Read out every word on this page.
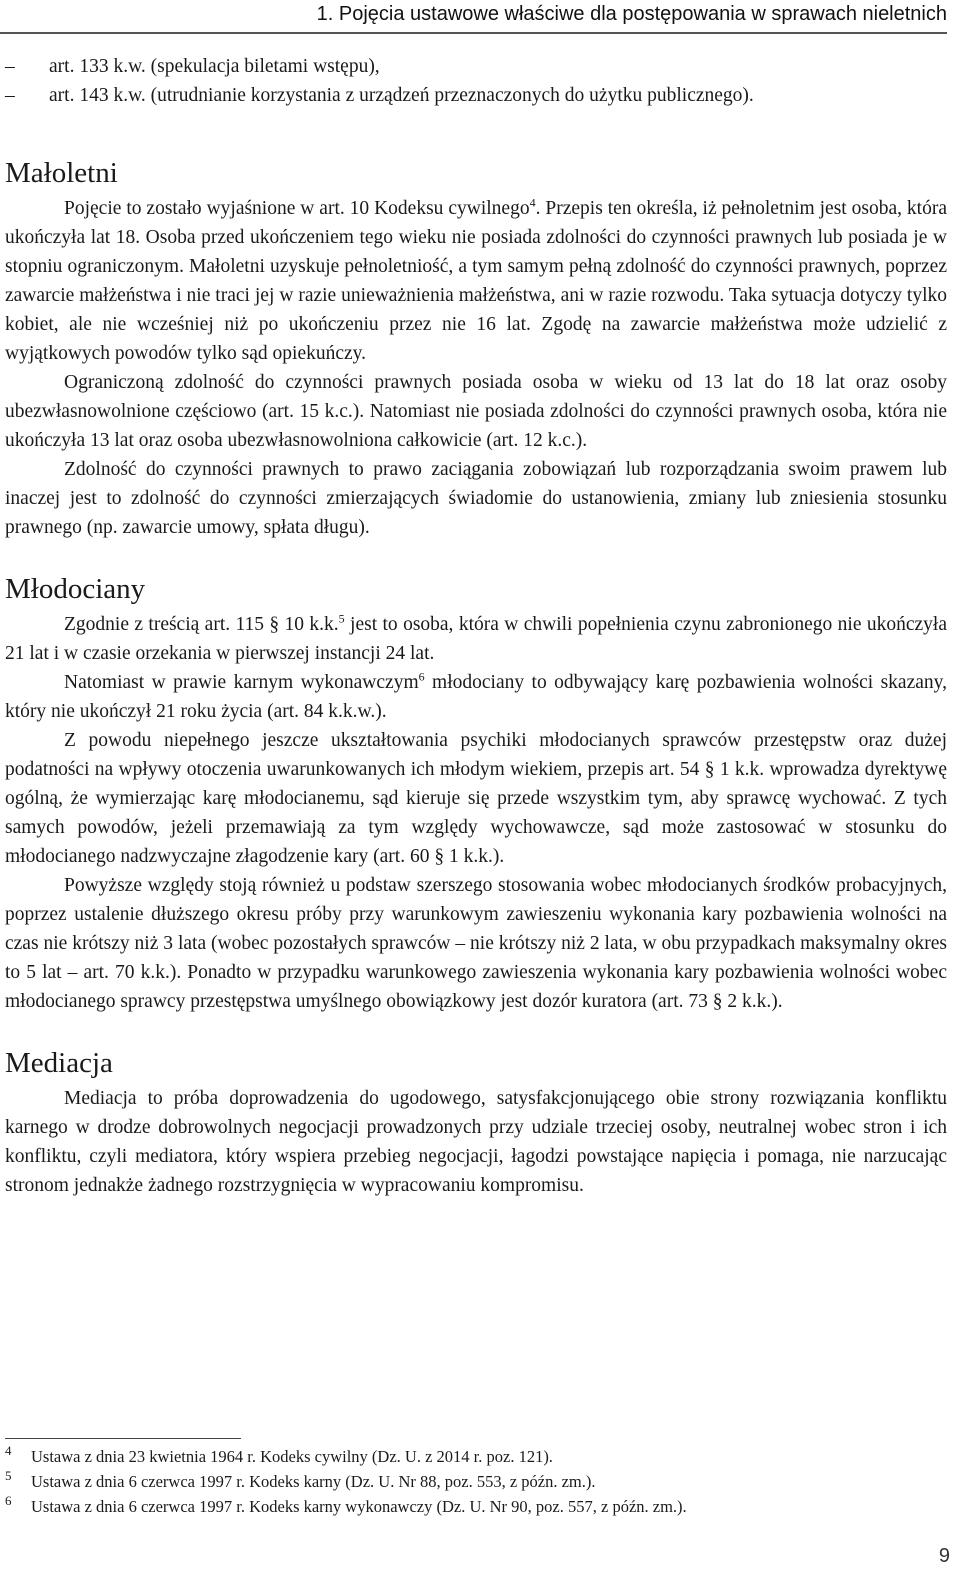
1. Pojęcia ustawowe właściwe dla postępowania w sprawach nieletnich
– art. 133 k.w. (spekulacja biletami wstępu),
– art. 143 k.w. (utrudnianie korzystania z urządzeń przeznaczonych do użytku publicznego).
Małoletni

Pojęcie to zostało wyjaśnione w art. 10 Kodeksu cywilnego$^4$. Przepis ten określa, iż pełnoletnim jest osoba, która ukończyła lat 18. Osoba przed ukończeniem tego wieku nie posiada zdolności do czynności prawnych lub posiada je w stopniu ograniczonym. Małoletni uzyskuje pełnoletniość, a tym samym pełną zdolność do czynności prawnych, poprzez zawarcie małżeństwa i nie traci jej w razie unieważnienia małżeństwa, ani w razie rozwodu. Taka sytuacja dotyczy tylko kobiet, ale nie wcześniej niż po ukończeniu przez nie 16 lat. Zgodę na zawarcie małżeństwa może udzielić z wyjątkowych powodów tylko sąd opiekuńczy.

Ograniczoną zdolność do czynności prawnych posiada osoba w wieku od 13 lat do 18 lat oraz osoby ubezwłasnowolnione częściowo (art. 15 k.c.). Natomiast nie posiada zdolności do czynności prawnych osoba, która nie ukończyła 13 lat oraz osoba ubezwłasnowolniona całkowicie (art. 12 k.c.).

Zdolność do czynności prawnych to prawo zaciągania zobowiązań lub rozporządzania swoim prawem lub inaczej jest to zdolność do czynności zmierzających świadomie do ustanowienia, zmiany lub zniesienia stosunku prawnego (np. zawarcie umowy, spłata długu).

Młodociany

Zgodnie z treścią art. 115 § 10 k.k.$^5$ jest to osoba, która w chwili popełnienia czynu zabronionego nie ukończyła 21 lat i w czasie orzekania w pierwszej instancji 24 lat.

Natomiast w prawie karnym wykonawczym$^6$ młodociany to odbywający karę pozbawienia wolności skazany, który nie ukończył 21 roku życia (art. 84 k.k.w.).

Z powodu niepełnego jeszcze ukształtowania psychiki młodocianych sprawców przestępstw oraz dużej podatności na wpływy otoczenia uwarunkowanych ich młodym wiekiem, przepis art. 54 § 1 k.k. wprowadza dyrektywę ogólną, że wymierzając karę młodocianemu, sąd kieruje się przede wszystkim tym, aby sprawcę wychować. Z tych samych powodów, jeżeli przemawiają za tym względy wychowawcze, sąd może zastosować w stosunku do młodocianego nadzwyczajne złagodzenie kary (art. 60 § 1 k.k.).

Powyższe względy stoją również u podstaw szerszego stosowania wobec młodocianych środków probacyjnych, poprzez ustalenie dłuższego okresu próby przy warunkowym zawieszeniu wykonania kary pozbawienia wolności na czas nie krótszy niż 3 lata (wobec pozostałych sprawców – nie krótszy niż 2 lata, w obu przypadkach maksymalny okres to 5 lat – art. 70 k.k.). Ponadto w przypadku warunkowego zawieszenia wykonania kary pozbawienia wolności wobec młodocianego sprawcy przestępstwa umyślnego obowiązkowy jest dozór kuratora (art. 73 § 2 k.k.).

Mediacja

Mediacja to próba doprowadzenia do ugodowego, satysfakcjonującego obie strony rozwiązania konfliktu karnego w drodze dobrowolnych negocjacji prowadzonych przy udziale trzeciej osoby, neutralnej wobec stron i ich konfliktu, czyli mediatora, który wspiera przebieg negocjacji, łagodzi powstające napięcia i pomaga, nie narzucając stronom jednakże żadnego rozstrzygnięcia w wypracowaniu kompromisu.

4 Ustawa z dnia 23 kwietnia 1964 r. Kodeks cywilny (Dz. U. z 2014 r. poz. 121).
5 Ustawa z dnia 6 czerwca 1997 r. Kodeks karny (Dz. U. Nr 88, poz. 553, z późn. zm.).
6 Ustawa z dnia 6 czerwca 1997 r. Kodeks karny wykonawczy (Dz. U. Nr 90, poz. 557, z późn. zm.).
9
